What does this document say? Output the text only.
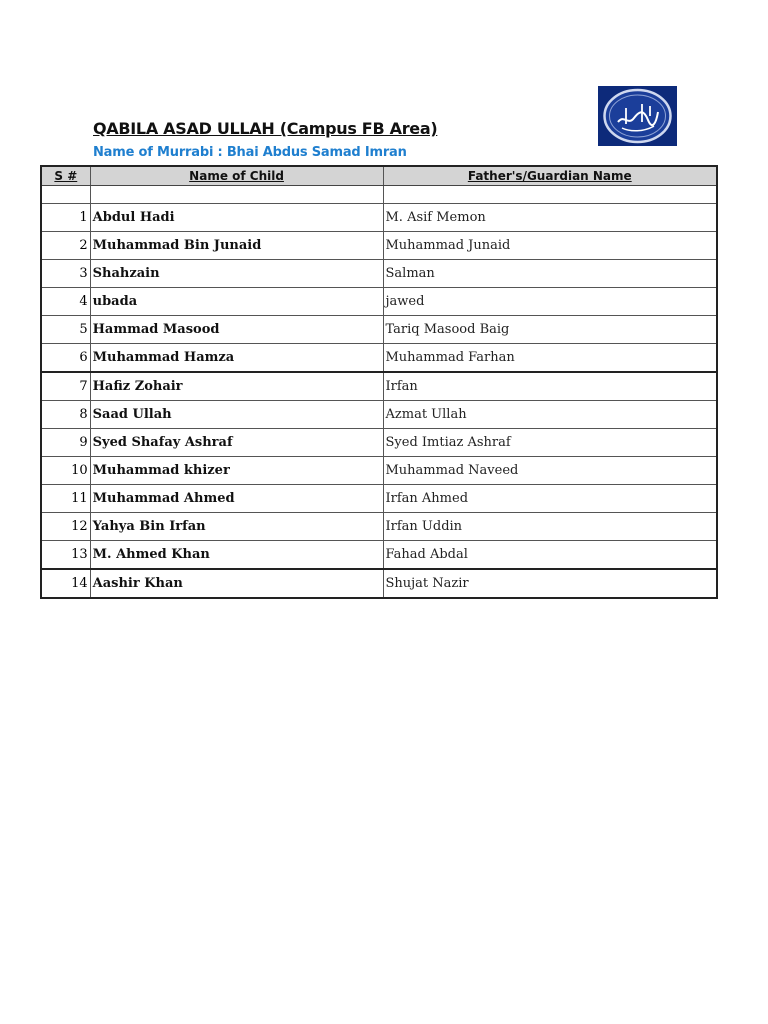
QABILA ASAD ULLAH (Campus FB Area)
Name of Murrabi : Bhai Abdus Samad Imran
S #	Name of Child	Father's/Guardian Name

1	Abdul Hadi	M. Asif Memon
2	Muhammad Bin Junaid	Muhammad Junaid
3	Shahzain	Salman
4	ubada	jawed
5	Hammad Masood	Tariq Masood Baig
6	Muhammad Hamza	Muhammad Farhan
7	Hafiz Zohair	Irfan
8	Saad Ullah	Azmat Ullah
9	Syed Shafay Ashraf	Syed Imtiaz Ashraf
10	Muhammad khizer	Muhammad Naveed
11	Muhammad Ahmed	Irfan Ahmed
12	Yahya Bin Irfan	Irfan Uddin
13	M. Ahmed Khan	Fahad Abdal
14	Aashir Khan	Shujat Nazir
